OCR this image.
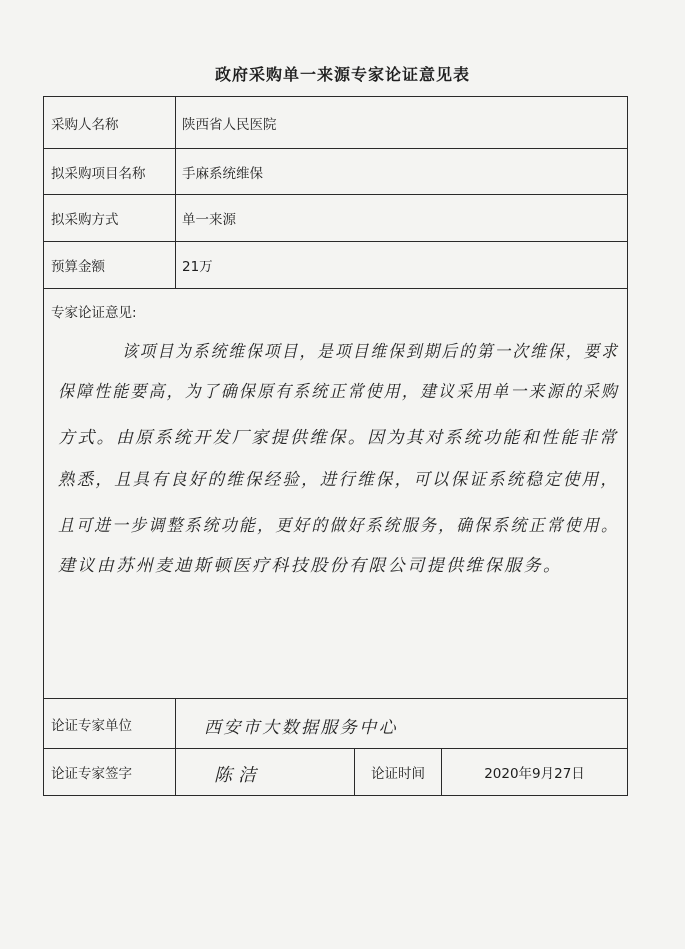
政府采购单一来源专家论证意见表
采购人名称	陕西省人民医院
拟采购项目名称	手麻系统维保
拟采购方式	单一来源
预算金额	21万
专家论证意见:
该项目为系统维保项目，是项目维保到期后的第一次维保，要求
保障性能要高，为了确保原有系统正常使用，建议采用单一来源的采购
方式。由原系统开发厂家提供维保。因为其对系统功能和性能非常
熟悉，且具有良好的维保经验，进行维保，可以保证系统稳定使用，
且可进一步调整系统功能，更好的做好系统服务，确保系统正常使用。
建议由苏州麦迪斯顿医疗科技股份有限公司提供维保服务。
论证专家单位	西安市大数据服务中心
论证专家签字	陈洁	论证时间	2020年9月27日
